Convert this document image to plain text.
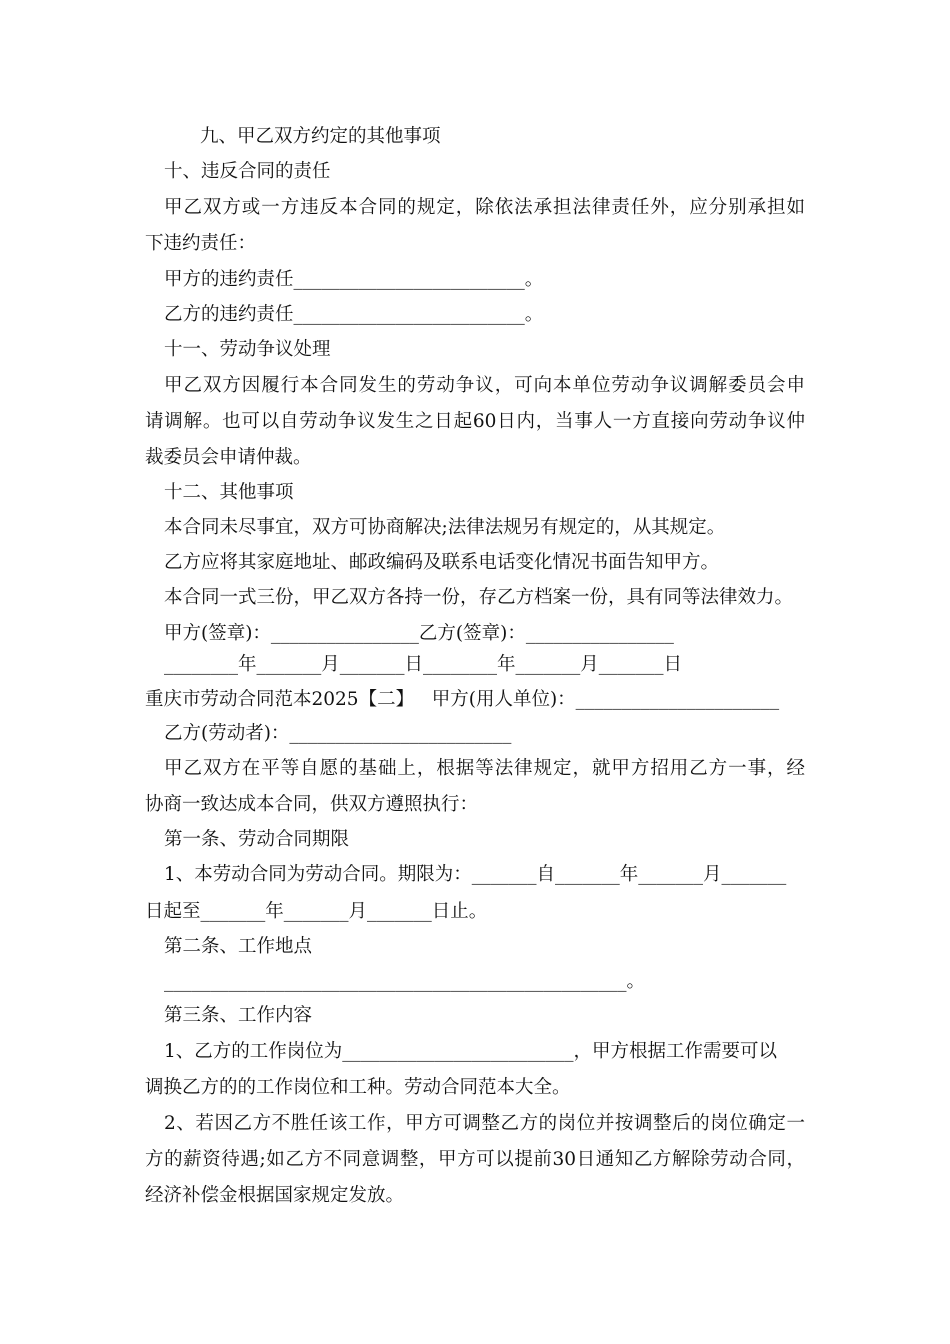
九、甲乙双方约定的其他事项
十、违反合同的责任
甲乙双方或一方违反本合同的规定，除依法承担法律责任外，应分别承担如
下违约责任：
甲方的违约责任_________________________。
乙方的违约责任_________________________。
十一、劳动争议处理
甲乙双方因履行本合同发生的劳动争议，可向本单位劳动争议调解委员会申
请调解。也可以自劳动争议发生之日起60日内，当事人一方直接向劳动争议仲
裁委员会申请仲裁。
十二、其他事项
本合同未尽事宜，双方可协商解决;法律法规另有规定的，从其规定。
乙方应将其家庭地址、邮政编码及联系电话变化情况书面告知甲方。
本合同一式三份，甲乙双方各持一份，存乙方档案一份，具有同等法律效力。
甲方(签章)：________________乙方(签章)：________________
________年_______月_______日________年_______月_______日
重庆市劳动合同范本2025【二】   甲方(用人单位)：______________________
乙方(劳动者)：________________________
甲乙双方在平等自愿的基础上，根据等法律规定，就甲方招用乙方一事，经
协商一致达成本合同，供双方遵照执行：
第一条、劳动合同期限
1、本劳动合同为劳动合同。期限为：_______自_______年_______月_______
日起至_______年_______月_______日止。
第二条、工作地点
__________________________________________________。
第三条、工作内容
1、乙方的工作岗位为_________________________，甲方根据工作需要可以
调换乙方的的工作岗位和工种。劳动合同范本大全。
2、若因乙方不胜任该工作，甲方可调整乙方的岗位并按调整后的岗位确定一
方的薪资待遇;如乙方不同意调整，甲方可以提前30日通知乙方解除劳动合同，
经济补偿金根据国家规定发放。
